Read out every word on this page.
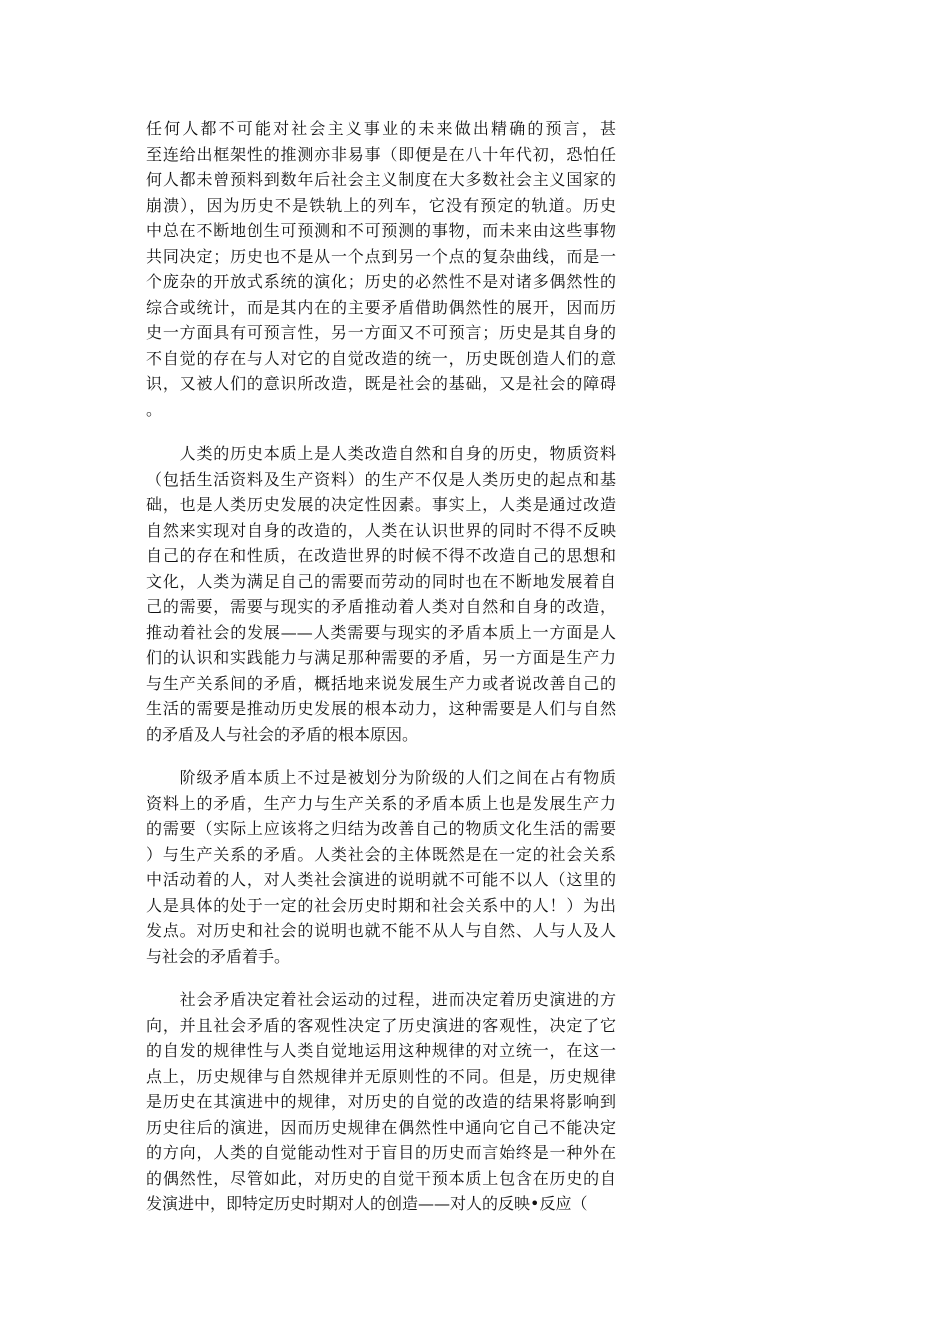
任何人都不可能对社会主义事业的未来做出精确的预言，甚
至连给出框架性的推测亦非易事（即便是在八十年代初，恐怕任
何人都未曾预料到数年后社会主义制度在大多数社会主义国家的
崩溃），因为历史不是铁轨上的列车，它没有预定的轨道。历史
中总在不断地创生可预测和不可预测的事物，而未来由这些事物
共同决定；历史也不是从一个点到另一个点的复杂曲线，而是一
个庞杂的开放式系统的演化；历史的必然性不是对诸多偶然性的
综合或统计，而是其内在的主要矛盾借助偶然性的展开，因而历
史一方面具有可预言性，另一方面又不可预言；历史是其自身的
不自觉的存在与人对它的自觉改造的统一，历史既创造人们的意
识，又被人们的意识所改造，既是社会的基础，又是社会的障碍
。
　　人类的历史本质上是人类改造自然和自身的历史，物质资料
（包括生活资料及生产资料）的生产不仅是人类历史的起点和基
础，也是人类历史发展的决定性因素。事实上，人类是通过改造
自然来实现对自身的改造的，人类在认识世界的同时不得不反映
自己的存在和性质，在改造世界的时候不得不改造自己的思想和
文化，人类为满足自己的需要而劳动的同时也在不断地发展着自
己的需要，需要与现实的矛盾推动着人类对自然和自身的改造，
推动着社会的发展——人类需要与现实的矛盾本质上一方面是人
们的认识和实践能力与满足那种需要的矛盾，另一方面是生产力
与生产关系间的矛盾，概括地来说发展生产力或者说改善自己的
生活的需要是推动历史发展的根本动力，这种需要是人们与自然
的矛盾及人与社会的矛盾的根本原因。
　　阶级矛盾本质上不过是被划分为阶级的人们之间在占有物质
资料上的矛盾，生产力与生产关系的矛盾本质上也是发展生产力
的需要（实际上应该将之归结为改善自己的物质文化生活的需要
）与生产关系的矛盾。人类社会的主体既然是在一定的社会关系
中活动着的人，对人类社会演进的说明就不可能不以人（这里的
人是具体的处于一定的社会历史时期和社会关系中的人！）为出
发点。对历史和社会的说明也就不能不从人与自然、人与人及人
与社会的矛盾着手。
　　社会矛盾决定着社会运动的过程，进而决定着历史演进的方
向，并且社会矛盾的客观性决定了历史演进的客观性，决定了它
的自发的规律性与人类自觉地运用这种规律的对立统一，在这一
点上，历史规律与自然规律并无原则性的不同。但是，历史规律
是历史在其演进中的规律，对历史的自觉的改造的结果将影响到
历史往后的演进，因而历史规律在偶然性中通向它自己不能决定
的方向，人类的自觉能动性对于盲目的历史而言始终是一种外在
的偶然性，尽管如此，对历史的自觉干预本质上包含在历史的自
发演进中，即特定历史时期对人的创造——对人的反映•反应（
